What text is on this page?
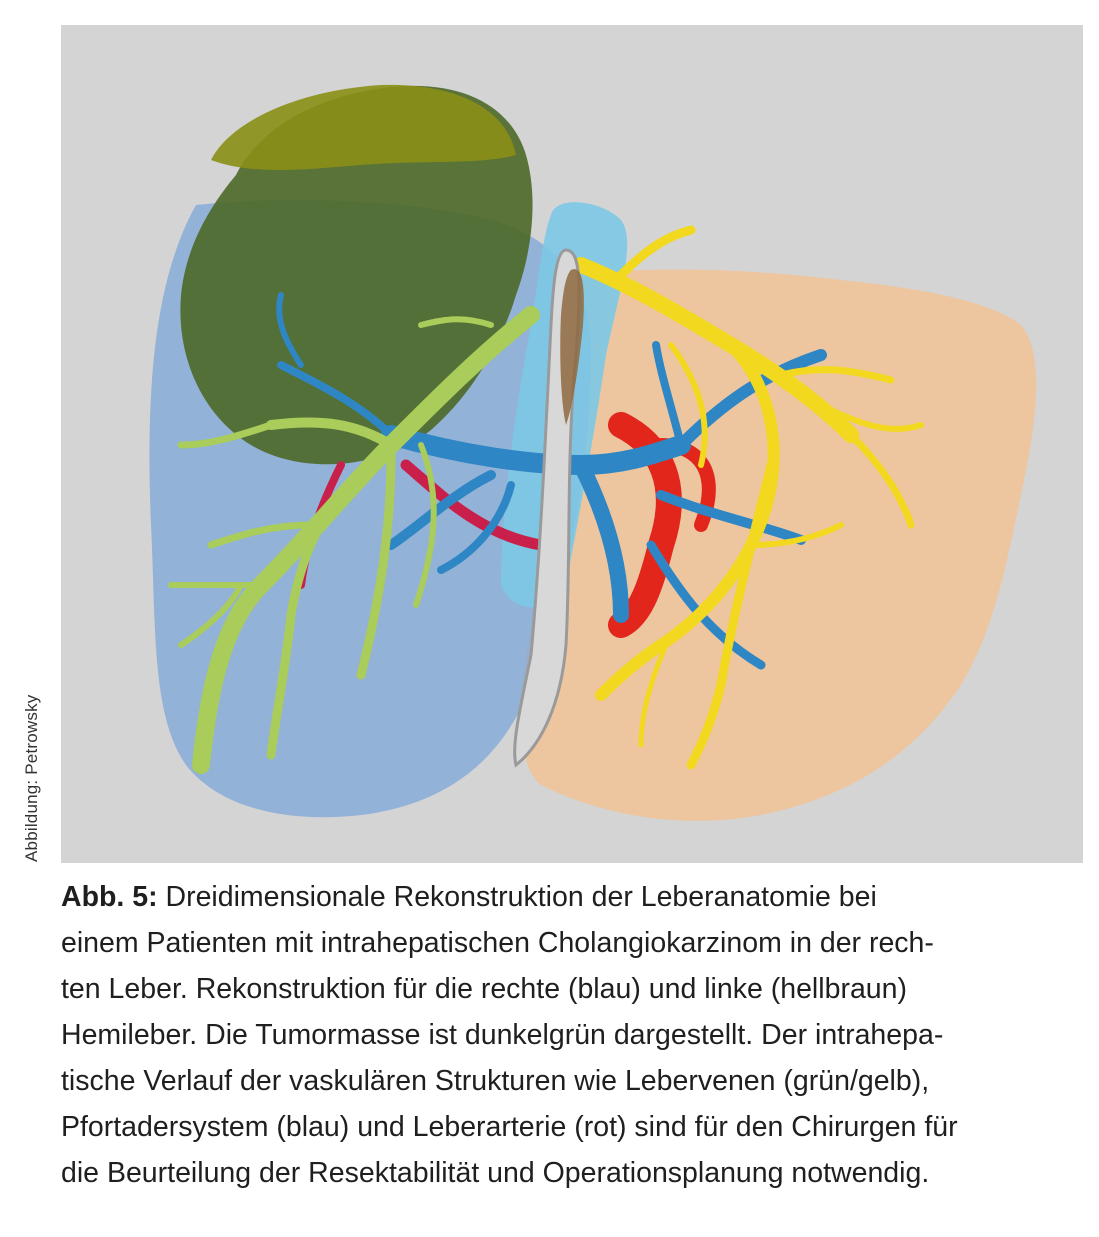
Abbildung: Petrowsky

Abb. 5: Dreidimensionale Rekonstruktion der Leberanatomie bei

einem Patienten mit intrahepatischen Cholangiokarzinom in der rech-

ten Leber. Rekonstruktion für die rechte (blau) und linke (hellbraun)

Hemileber. Die Tumormasse ist dunkelgrün dargestellt. Der intrahepa-

tische Verlauf der vaskulären Strukturen wie Lebervenen (grün/gelb),

Pfortadersystem (blau) und Leberarterie (rot) sind für den Chirurgen für

die Beurteilung der Resektabilität und Operationsplanung notwendig.
